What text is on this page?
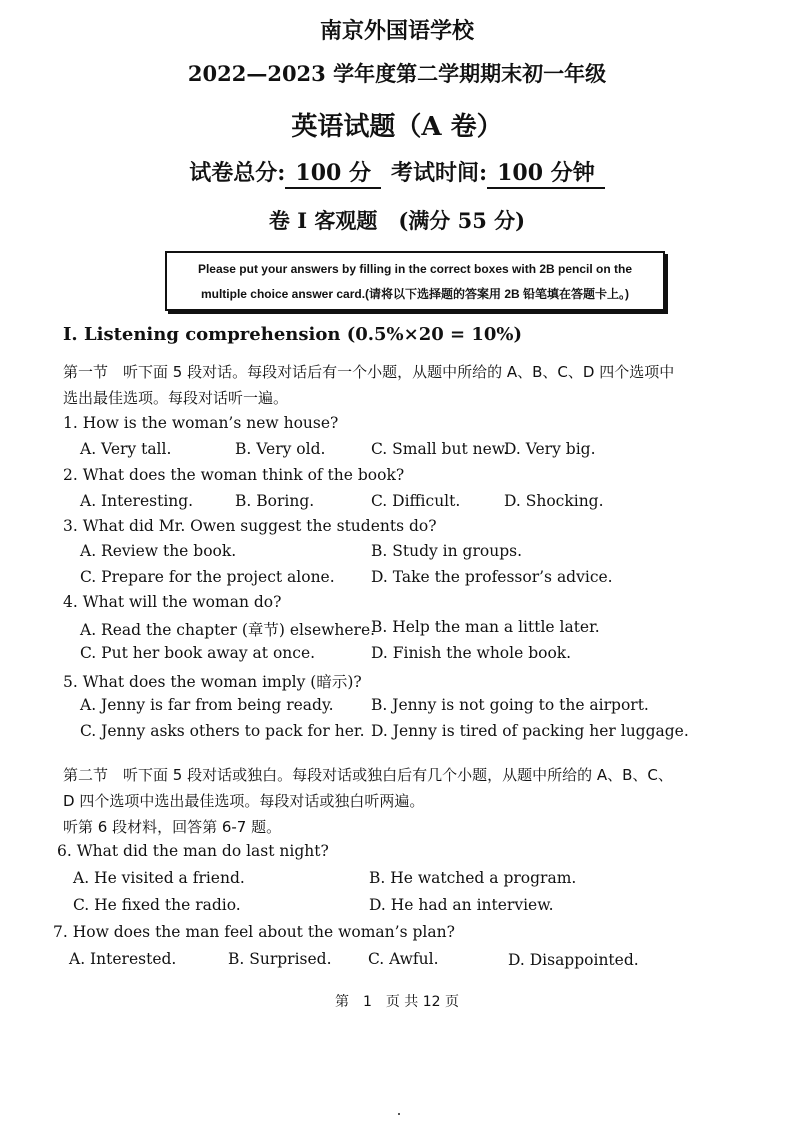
南京外国语学校
2022—2023 学年度第二学期期末初一年级
英语试题（A 卷）
试卷总分: 100 分 考试时间: 100 分钟
卷 I 客观题　(满分 55 分)
Please put your answers by filling in the correct boxes with 2B pencil on the
multiple choice answer card.(请将以下选择题的答案用 2B 铅笔填在答题卡上。)
I. Listening comprehension (0.5%×20 = 10%)
第一节　听下面 5 段对话。每段对话后有一个小题，从题中所给的 A、B、C、D 四个选项中
选出最佳选项。每段对话听一遍。
1. How is the woman’s new house?
A. Very tall.	B. Very old.	C. Small but new.
D. Very big.
2. What does the woman think of the book?
A. Interesting.	B. Boring.	C. Difficult.	D. Shocking.
3. What did Mr. Owen suggest the students do?
A. Review the book.	B. Study in groups.
C. Prepare for the project alone. D. Take the professor’s advice.
4. What will the woman do?
A. Read the chapter (章节) elsewhere.
B. Help the man a little later.
C. Put her book away at once.	D. Finish the whole book.
5. What does the woman imply (暗示)?
A. Jenny is far from being ready. B. Jenny is not going to the airport.
C. Jenny asks others to pack for her. D. Jenny is tired of packing her luggage.
第二节　听下面 5 段对话或独白。每段对话或独白后有几个小题，从题中所给的 A、B、C、
D 四个选项中选出最佳选项。每段对话或独白听两遍。
听第 6 段材料，回答第 6-7 题。
6. What did the man do last night?
A. He visited a friend.	B. He watched a program.
C. He fixed the radio.	D. He had an interview.
7. How does the man feel about the woman’s plan?
A. Interested.	B. Surprised. C. Awful.	D. Disappointed.
第　1　页 共 12 页
